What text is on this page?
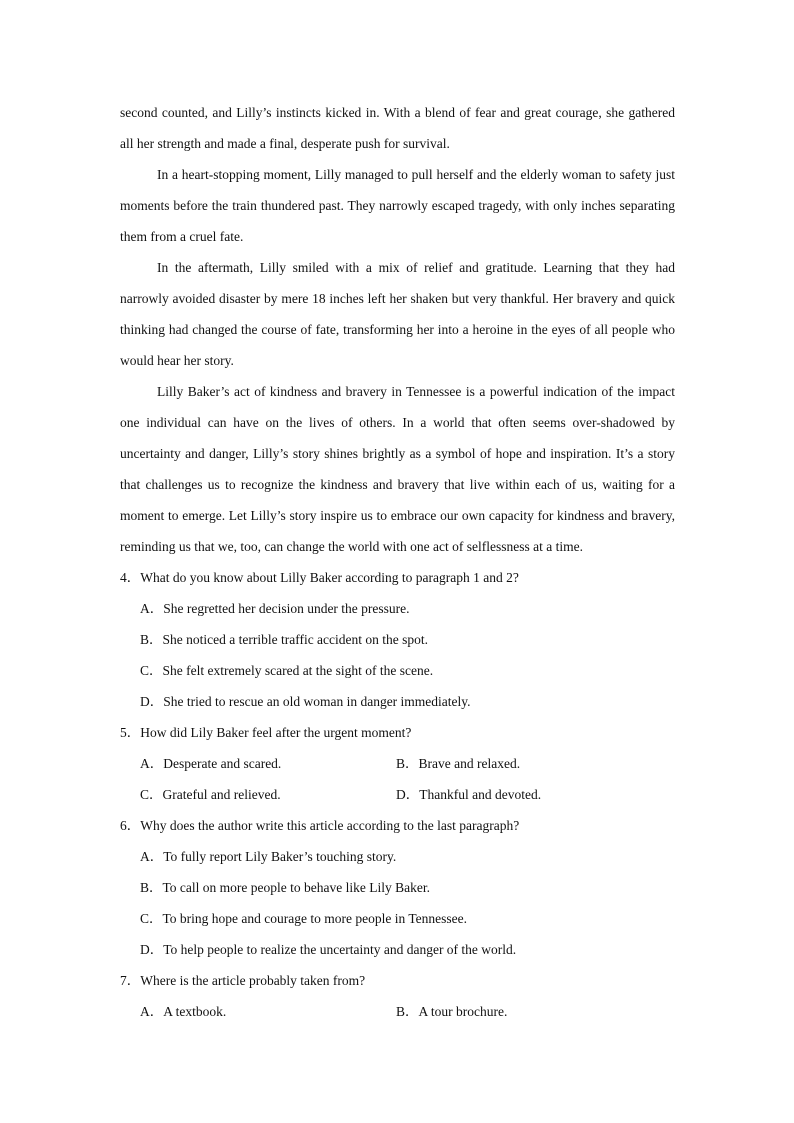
second counted, and Lilly’s instincts kicked in. With a blend of fear and great courage, she gathered all her strength and made a final, desperate push for survival.

In a heart-stopping moment, Lilly managed to pull herself and the elderly woman to safety just moments before the train thundered past. They narrowly escaped tragedy, with only inches separating them from a cruel fate.

In the aftermath, Lilly smiled with a mix of relief and gratitude. Learning that they had narrowly avoided disaster by mere 18 inches left her shaken but very thankful. Her bravery and quick thinking had changed the course of fate, transforming her into a heroine in the eyes of all people who would hear her story.

Lilly Baker’s act of kindness and bravery in Tennessee is a powerful indication of the impact one individual can have on the lives of others. In a world that often seems over-shadowed by uncertainty and danger, Lilly’s story shines brightly as a symbol of hope and inspiration. It’s a story that challenges us to recognize the kindness and bravery that live within each of us, waiting for a moment to emerge. Let Lilly’s story inspire us to embrace our own capacity for kindness and bravery, reminding us that we, too, can change the world with one act of selflessness at a time.

4．What do you know about Lilly Baker according to paragraph 1 and 2?

A．She regretted her decision under the pressure.

B．She noticed a terrible traffic accident on the spot.

C．She felt extremely scared at the sight of the scene.

D．She tried to rescue an old woman in danger immediately.

5．How did Lily Baker feel after the urgent moment?

A．Desperate and scared.	B．Brave and relaxed.
C．Grateful and relieved.	D．Thankful and devoted.

6．Why does the author write this article according to the last paragraph?

A．To fully report Lily Baker’s touching story.

B．To call on more people to behave like Lily Baker.

C．To bring hope and courage to more people in Tennessee.

D．To help people to realize the uncertainty and danger of the world.

7．Where is the article probably taken from?

A．A textbook.	B．A tour brochure.
